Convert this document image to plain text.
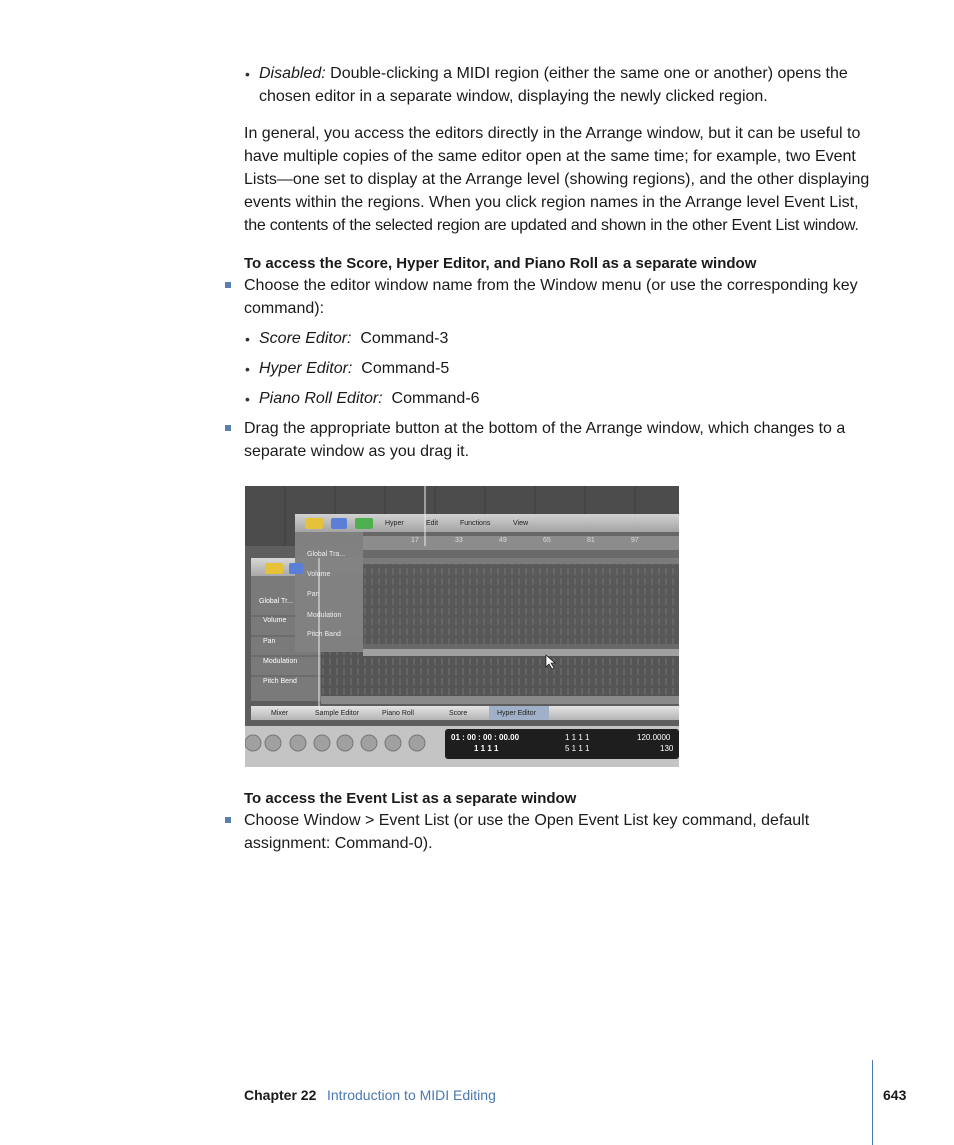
• Disabled: Double-clicking a MIDI region (either the same one or another) opens the
chosen editor in a separate window, displaying the newly clicked region.
In general, you access the editors directly in the Arrange window, but it can be useful to
have multiple copies of the same editor open at the same time; for example, two Event
Lists—one set to display at the Arrange level (showing regions), and the other displaying
events within the regions. When you click region names in the Arrange level Event List,
the contents of the selected region are updated and shown in the other Event List window.
To access the Score, Hyper Editor, and Piano Roll as a separate window
Choose the editor window name from the Window menu (or use the corresponding key
command):
• Score Editor: Command-3
• Hyper Editor: Command-5
• Piano Roll Editor: Command-6
Drag the appropriate button at the bottom of the Arrange window, which changes to a
separate window as you drag it.
Hyper	Edit	Functions	View
17	33	49	65	81	97
Global Tra...
Volume
Pan
Modulation
Pitch Band
Global Tr...
Volume
Pan
Modulation
Pitch Bend
Mixer	Sample Editor	Piano Roll	Score	Hyper Editor
01 : 00 : 00 : 00.00
1 1 1 1
1 1 1 1
5 1 1 1
120.0000
130
To access the Event List as a separate window
Choose Window > Event List (or use the Open Event List key command, default
assignment: Command-0).
Chapter 22 Introduction to MIDI Editing	643
